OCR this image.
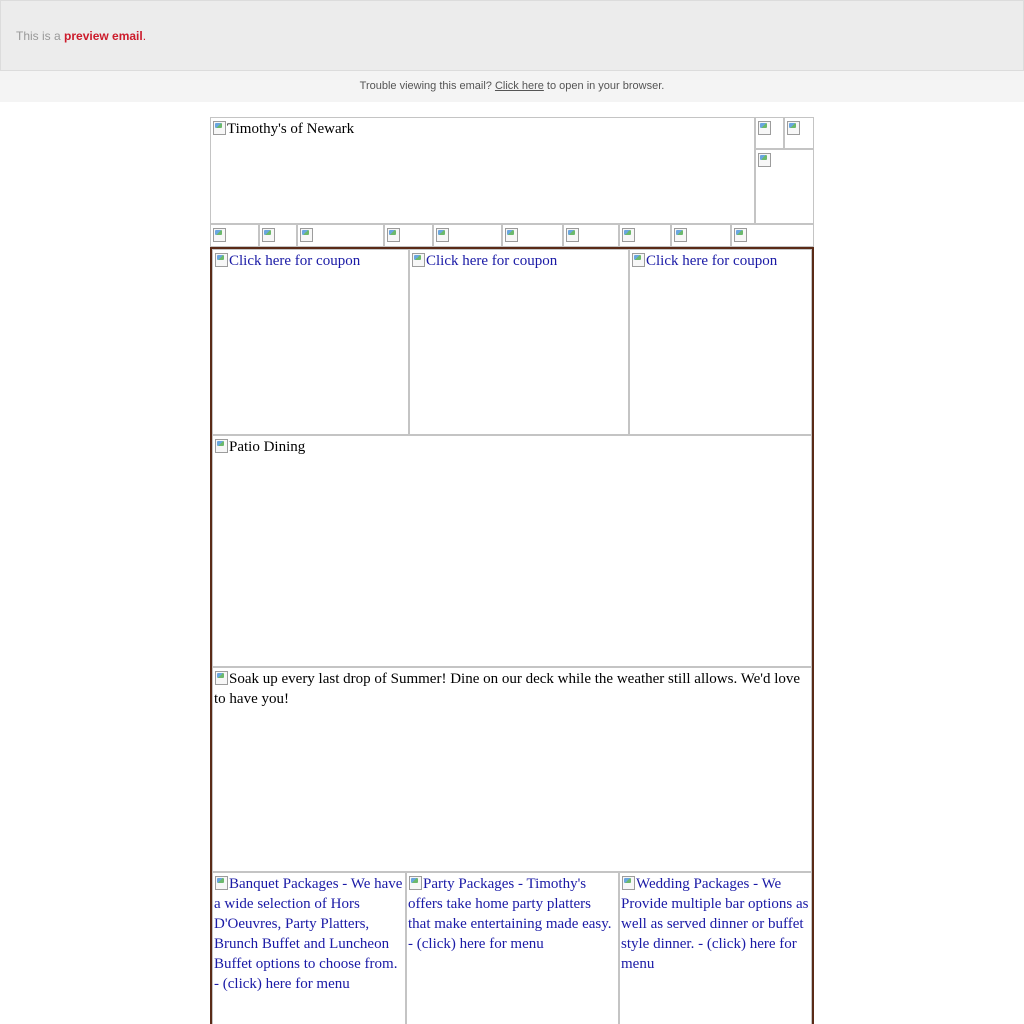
This is a preview email.
Trouble viewing this email? Click here to open in your browser.
Timothy's of Newark
Click here for coupon	Click here for coupon	Click here for coupon
Patio Dining
Soak up every last drop of Summer! Dine on our deck while the weather still allows. We'd love to have you!
Banquet Packages - We have a wide selection of Hors D'Oeuvres, Party Platters, Brunch Buffet and Luncheon Buffet options to choose from. - (click) here for menu
Party Packages - Timothy's offers take home party platters that make entertaining made easy. - (click) here for menu
Wedding Packages - We Provide multiple bar options as well as served dinner or buffet style dinner. - (click) here for menu
